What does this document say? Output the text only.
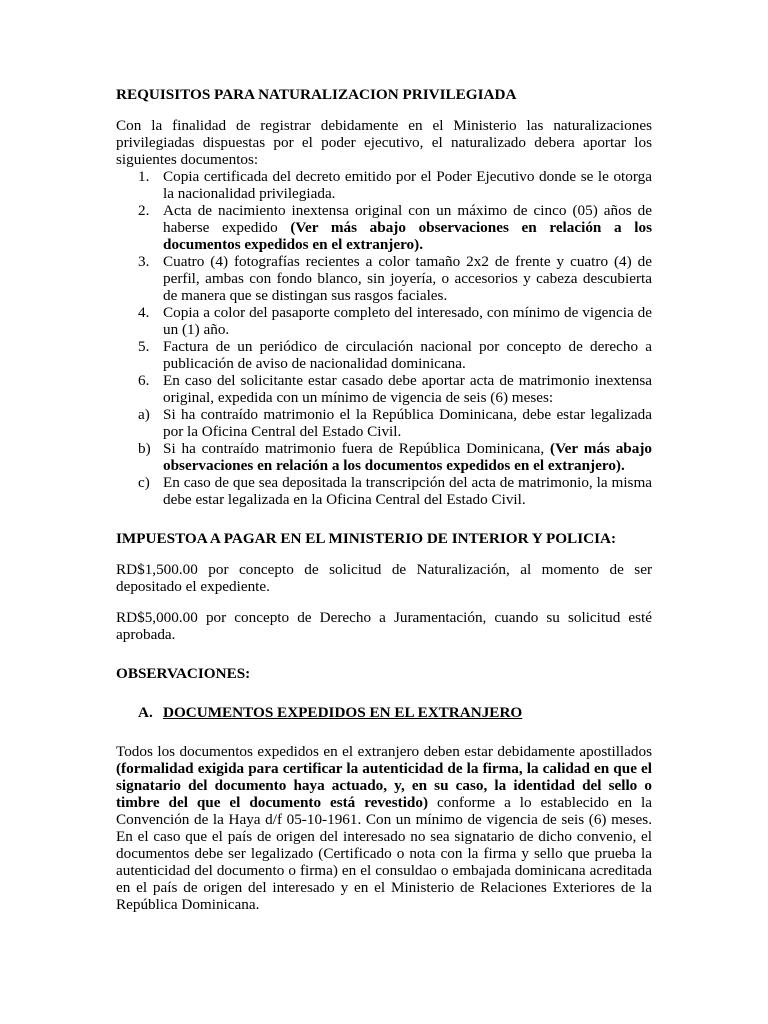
REQUISITOS PARA NATURALIZACION PRIVILEGIADA

Con la finalidad de registrar debidamente en el Ministerio las naturalizaciones privilegiadas dispuestas por el poder ejecutivo, el naturalizado debera aportar los siguientes documentos:

1. Copia certificada del decreto emitido por el Poder Ejecutivo donde se le otorga la nacionalidad privilegiada.
2. Acta de nacimiento inextensa original con un máximo de cinco (05) años de haberse expedido (Ver más abajo observaciones en relación a los documentos expedidos en el extranjero).
3. Cuatro (4) fotografías recientes a color tamaño 2x2 de frente y cuatro (4) de perfil, ambas con fondo blanco, sin joyería, o accesorios y cabeza descubierta de manera que se distingan sus rasgos faciales.
4. Copia a color del pasaporte completo del interesado, con mínimo de vigencia de un (1) año.
5. Factura de un periódico de circulación nacional por concepto de derecho a publicación de aviso de nacionalidad dominicana.
6. En caso del solicitante estar casado debe aportar acta de matrimonio inextensa original, expedida con un mínimo de vigencia de seis (6) meses:
a) Si ha contraído matrimonio el la República Dominicana, debe estar legalizada por la Oficina Central del Estado Civil.
b) Si ha contraído matrimonio fuera de República Dominicana, (Ver más abajo observaciones en relación a los documentos expedidos en el extranjero).
c) En caso de que sea depositada la transcripción del acta de matrimonio, la misma debe estar legalizada en la Oficina Central del Estado Civil.
IMPUESTOA A PAGAR EN EL MINISTERIO DE INTERIOR Y POLICIA:

RD$1,500.00 por concepto de solicitud de Naturalización, al momento de ser depositado el expediente.

RD$5,000.00 por concepto de Derecho a Juramentación, cuando su solicitud esté aprobada.

OBSERVACIONES:
A. DOCUMENTOS EXPEDIDOS EN EL EXTRANJERO

Todos los documentos expedidos en el extranjero deben estar debidamente apostillados (formalidad exigida para certificar la autenticidad de la firma, la calidad en que el signatario del documento haya actuado, y, en su caso, la identidad del sello o timbre del que el documento está revestido) conforme a lo establecido en la Convención de la Haya d/f 05-10-1961. Con un mínimo de vigencia de seis (6) meses. En el caso que el país de origen del interesado no sea signatario de dicho convenio, el documentos debe ser legalizado (Certificado o nota con la firma y sello que prueba la autenticidad del documento o firma) en el consuldao o embajada dominicana acreditada en el país de origen del interesado y en el Ministerio de Relaciones Exteriores de la República Dominicana.
